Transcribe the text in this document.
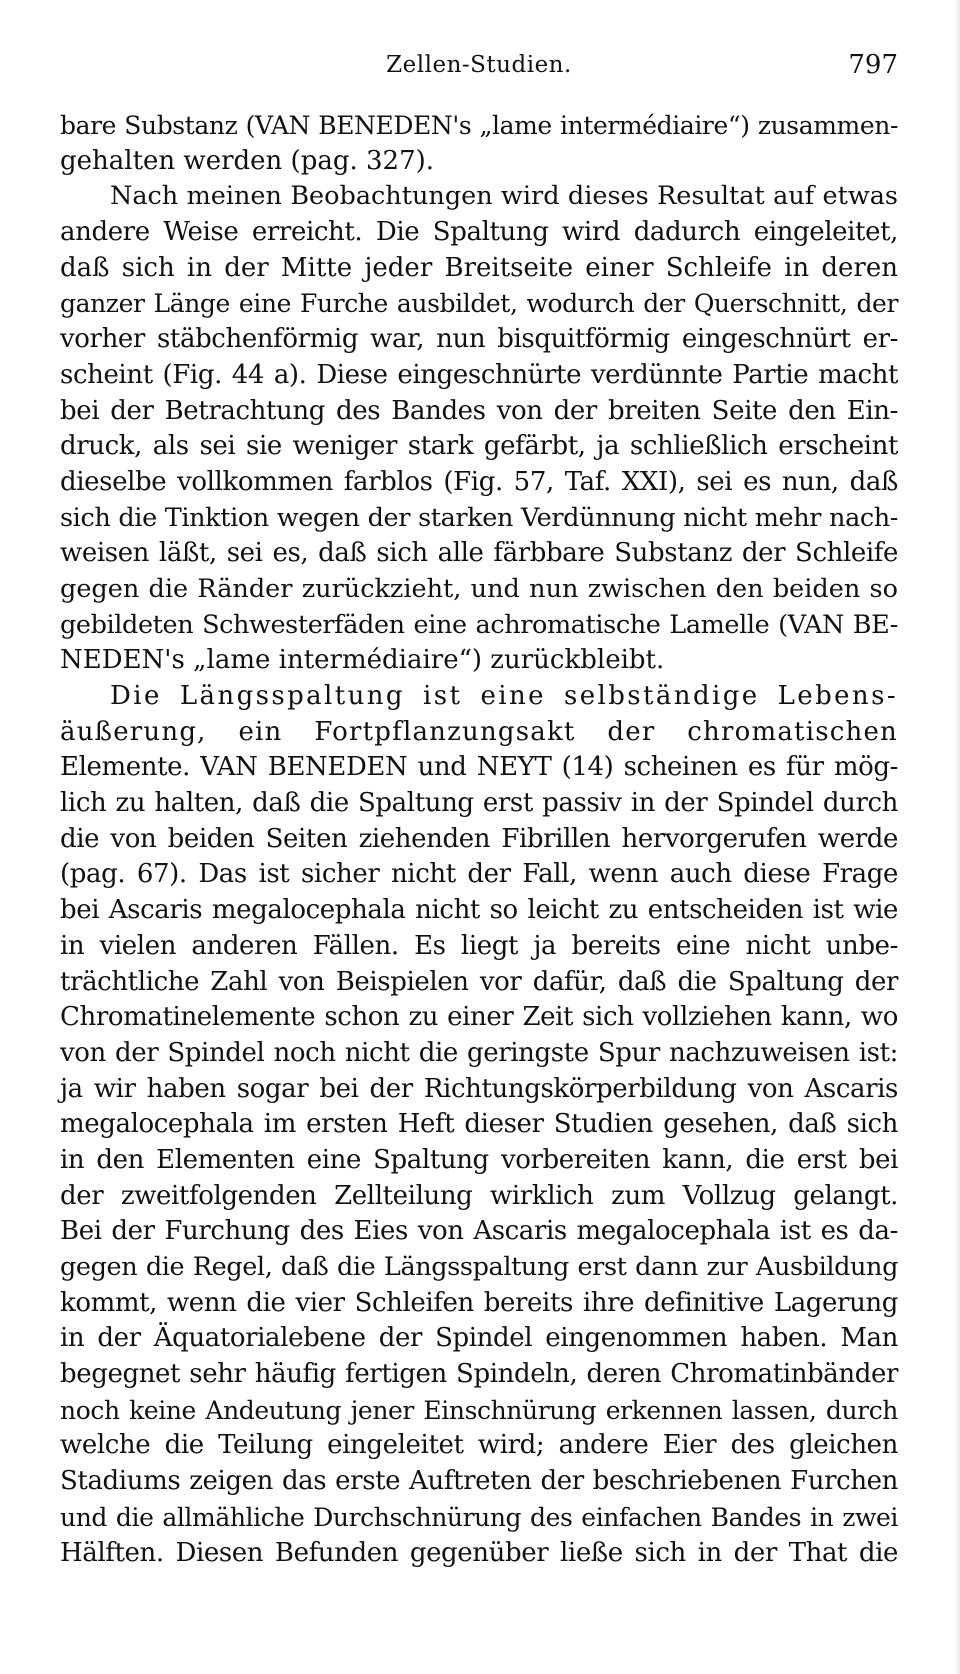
Zellen-Studien.	797
bare Substanz (VAN BENEDEN's „lame intermédiaire“) zusammen-
gehalten werden (pag. 327).
Nach meinen Beobachtungen wird dieses Resultat auf etwas
andere Weise erreicht. Die Spaltung wird dadurch eingeleitet,
daß sich in der Mitte jeder Breitseite einer Schleife in deren
ganzer Länge eine Furche ausbildet, wodurch der Querschnitt, der
vorher stäbchenförmig war, nun bisquitförmig eingeschnürt er-
scheint (Fig. 44 a). Diese eingeschnürte verdünnte Partie macht
bei der Betrachtung des Bandes von der breiten Seite den Ein-
druck, als sei sie weniger stark gefärbt, ja schließlich erscheint
dieselbe vollkommen farblos (Fig. 57, Taf. XXI), sei es nun, daß
sich die Tinktion wegen der starken Verdünnung nicht mehr nach-
weisen läßt, sei es, daß sich alle färbbare Substanz der Schleife
gegen die Ränder zurückzieht, und nun zwischen den beiden so
gebildeten Schwesterfäden eine achromatische Lamelle (VAN BE-
NEDEN's „lame intermédiaire“) zurückbleibt.
Die Längsspaltung ist eine selbständige Lebens-
äußerung, ein Fortpflanzungsakt der chromatischen
Elemente. VAN BENEDEN und NEYT (14) scheinen es für mög-
lich zu halten, daß die Spaltung erst passiv in der Spindel durch
die von beiden Seiten ziehenden Fibrillen hervorgerufen werde
(pag. 67). Das ist sicher nicht der Fall, wenn auch diese Frage
bei Ascaris megalocephala nicht so leicht zu entscheiden ist wie
in vielen anderen Fällen. Es liegt ja bereits eine nicht unbe-
trächtliche Zahl von Beispielen vor dafür, daß die Spaltung der
Chromatinelemente schon zu einer Zeit sich vollziehen kann, wo
von der Spindel noch nicht die geringste Spur nachzuweisen ist:
ja wir haben sogar bei der Richtungskörperbildung von Ascaris
megalocephala im ersten Heft dieser Studien gesehen, daß sich
in den Elementen eine Spaltung vorbereiten kann, die erst bei
der zweitfolgenden Zellteilung wirklich zum Vollzug gelangt.
Bei der Furchung des Eies von Ascaris megalocephala ist es da-
gegen die Regel, daß die Längsspaltung erst dann zur Ausbildung
kommt, wenn die vier Schleifen bereits ihre definitive Lagerung
in der Äquatorialebene der Spindel eingenommen haben. Man
begegnet sehr häufig fertigen Spindeln, deren Chromatinbänder
noch keine Andeutung jener Einschnürung erkennen lassen, durch
welche die Teilung eingeleitet wird; andere Eier des gleichen
Stadiums zeigen das erste Auftreten der beschriebenen Furchen
und die allmähliche Durchschnürung des einfachen Bandes in zwei
Hälften. Diesen Befunden gegenüber ließe sich in der That die
